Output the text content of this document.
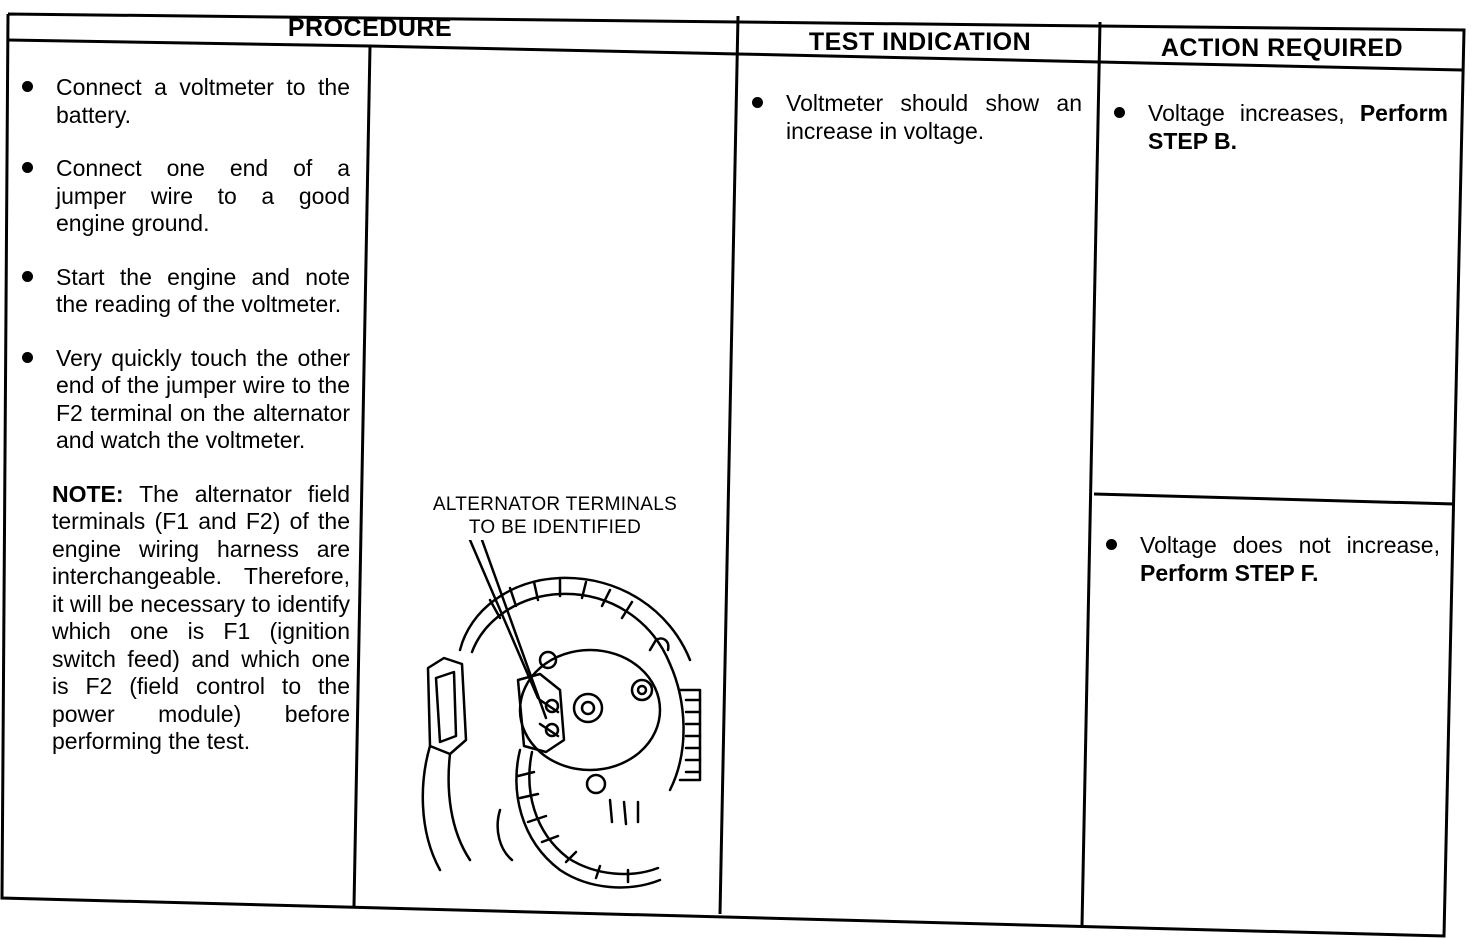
PROCEDURE	TEST INDICATION	ACTION REQUIRED
Connect a voltmeter to the battery.
Connect one end of a jumper wire to a good engine ground.
Start the engine and note the reading of the voltmeter.
Very quickly touch the other end of the jumper wire to the F2 terminal on the alternator and watch the voltmeter.
NOTE: The alternator field terminals (F1 and F2) of the engine wiring harness are interchangeable. Therefore, it will be necessary to identify which one is F1 (ignition switch feed) and which one is F2 (field control to the power module) before performing the test.
ALTERNATOR TERMINALS
TO BE IDENTIFIED
Voltmeter should show an increase in voltage.
Voltage increases, Perform STEP B.
Voltage does not increase, Perform STEP F.
